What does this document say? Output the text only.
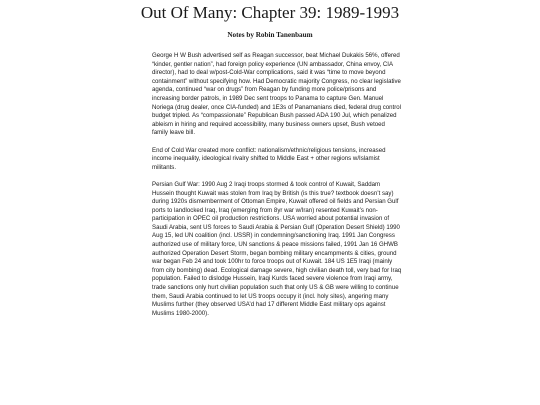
Out Of Many: Chapter 39: 1989-1993
Notes by Robin Tanenbaum

George H W Bush advertised self as Reagan successor, beat Michael Dukakis 56%, offered “kinder, gentler nation”, had foreign policy experience (UN ambassador, China envoy, CIA director), had to deal w/post-Cold-War complications, said it was “time to move beyond containment” without specifying how. Had Democratic majority Congress, no clear legislative agenda, continued “war on drugs” from Reagan by funding more police/prisons and increasing border patrols, in 1989 Dec sent troops to Panama to capture Gen. Manuel Noriega (drug dealer, once CIA-funded) and 1E3s of Panamanians died, federal drug control budget tripled. As “compassionate” Republican Bush passed ADA 190 Jul, which penalized ableism in hiring and required accessibility, many business owners upset, Bush vetoed family leave bill.

End of Cold War created more conflict: nationalism/ethnic/religious tensions, increased income inequality, ideological rivalry shifted to Middle East + other regions w/Islamist militants.

Persian Gulf War: 1990 Aug 2 Iraqi troops stormed & took control of Kuwait, Saddam Hussein thought Kuwait was stolen from Iraq by British (is this true? textbook doesn’t say) during 1920s dismemberment of Ottoman Empire, Kuwait offered oil fields and Persian Gulf ports to landlocked Iraq, Iraq (emerging from 8yr war w/Iran) resented Kuwait’s non-participation in OPEC oil production restrictions. USA worried about potential invasion of Saudi Arabia, sent US forces to Saudi Arabia & Persian Gulf (Operation Desert Shield) 1990 Aug 15, led UN coalition (incl. USSR) in condemning/sanctioning Iraq. 1991 Jan Congress authorized use of military force, UN sanctions & peace missions failed, 1991 Jan 16 GHWB authorized Operation Desert Storm, began bombing military encampments & cities, ground war began Feb 24 and took 100hr to force troops out of Kuwait. 184 US 1E5 Iraqi (mainly from city bombing) dead. Ecological damage severe, high civilian death toll, very bad for Iraq population. Failed to dislodge Hussein, Iraqi Kurds faced severe violence from Iraqi army, trade sanctions only hurt civilian population such that only US & GB were willing to continue them, Saudi Arabia continued to let US troops occupy it (incl. holy sites), angering many Muslims further (they observed USA’d had 17 different Middle East military ops against Muslims 1980-2000).
